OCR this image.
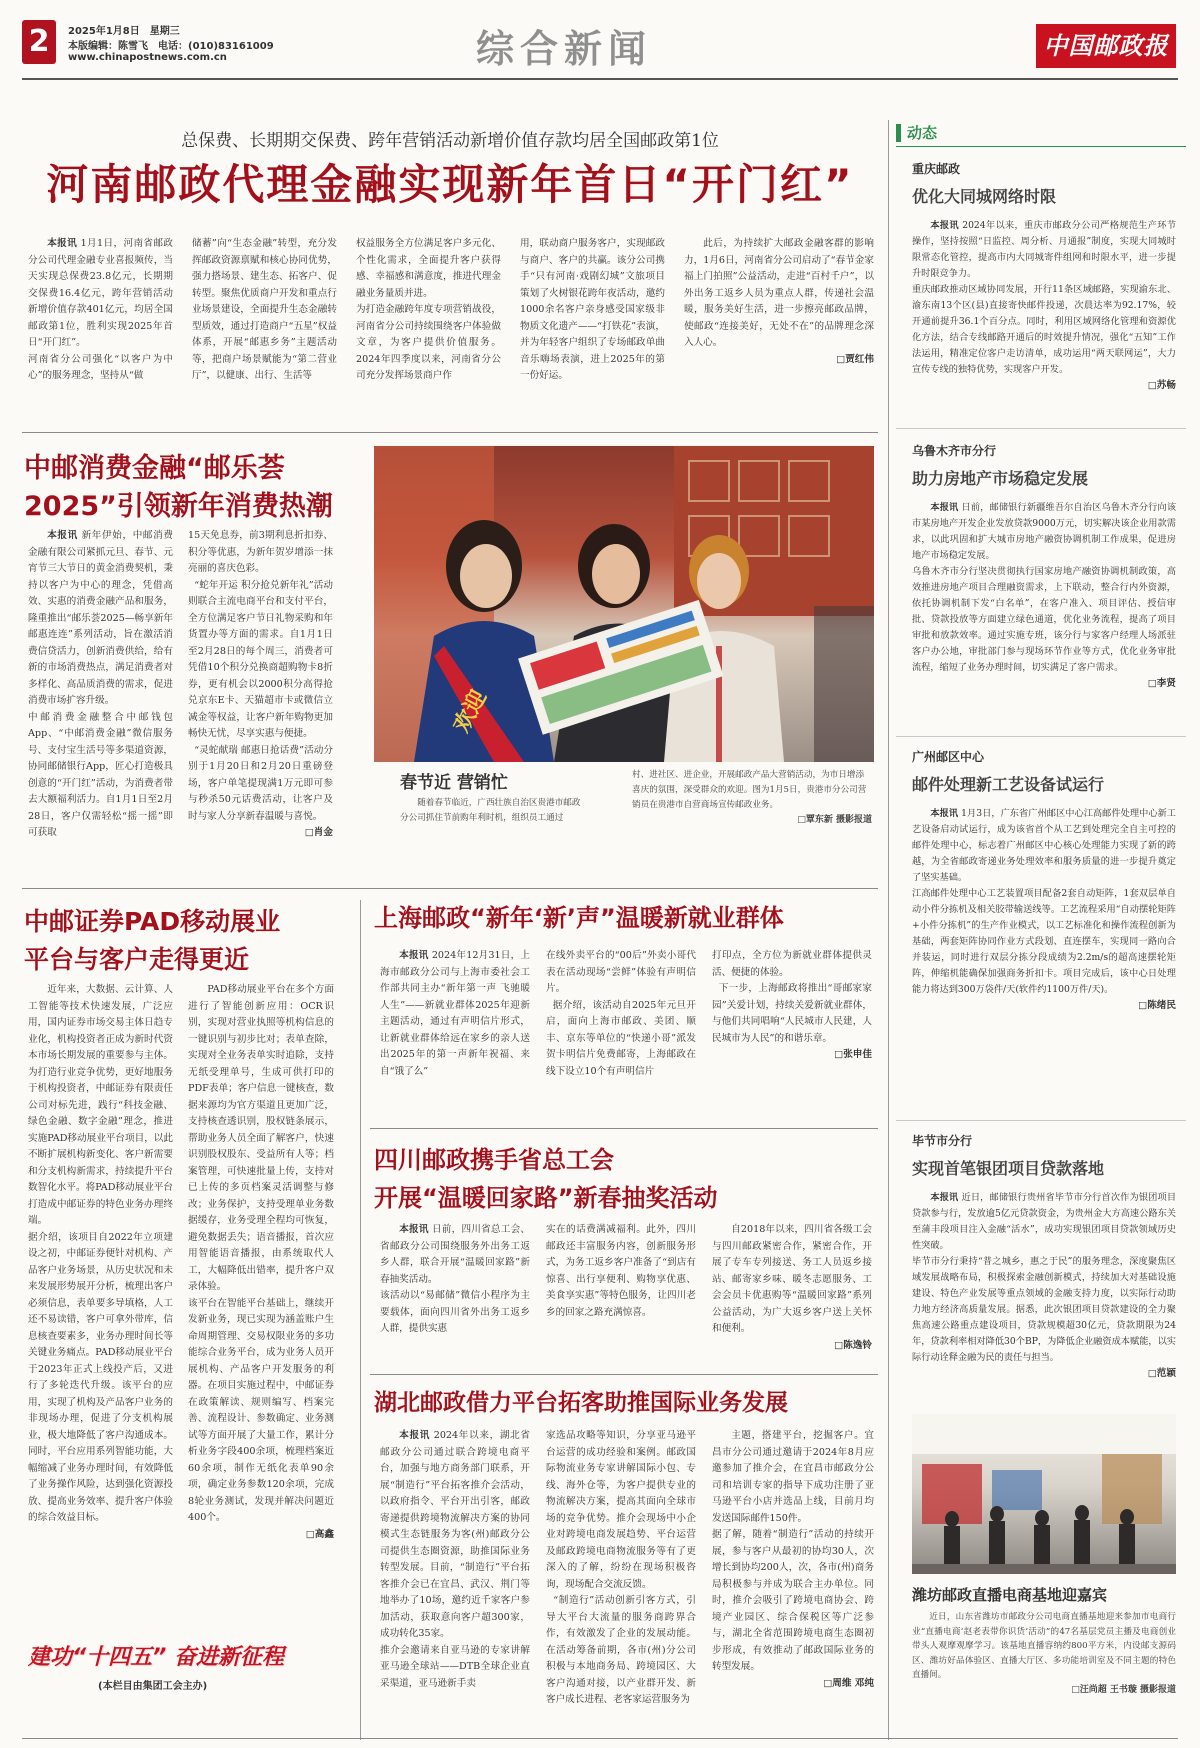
2	2025年1月8日　星期三
本版编辑：陈雪飞　电话：(010)83161009
www.chinapostnews.com.cn	综合新闻	中国邮政报
总保费、长期期交保费、跨年营销活动新增价值存款均居全国邮政第1位
河南邮政代理金融实现新年首日“开门红”
本报讯 1月1日，河南省邮政分公司代理金融专业喜报频传，当天实现总保费23.8亿元，长期期交保费16.4亿元，跨年营销活动新增价值存款401亿元，均居全国邮政第1位，胜利实现2025年首日“开门红”。
河南省分公司强化“以客户为中心”的服务理念，坚持从“做
储蓄”向“生态金融”转型，充分发挥邮政资源禀赋和核心协同优势，强力搭场景、建生态、拓客户、促转型。聚焦优质商户开发和重点行业场景建设，全面提升生态金融转型质效，通过打造商户“五星”权益体系，开展“邮惠乡务”主题活动等，把商户场景赋能为“第二营业厅”，以健康、出行、生活等
权益服务全方位满足客户多元化、个性化需求，全面提升客户获得感、幸福感和满意度，推进代理金融业务量质并进。
为打造金融跨年度专项营销战役，河南省分公司持续围绕客户体验做文章，为客户提供价值服务。2024年四季度以来，河南省分公司充分发挥场景商户作
用，联动商户服务客户，实现邮政与商户、客户的共赢。该分公司携手“只有河南·戏剧幻城”文旅项目策划了火树银花跨年夜活动，邀约1000余名客户亲身感受国家级非物质文化遗产——“打铁花”表演，并为年轻客户组织了专场邮政单曲音乐嗨场表演，进上2025年的第一份好运。
此后，为持续扩大邮政金融客群的影响力，1月6日，河南省分公司启动了“春节金家福上门拍照”公益活动，走进“百村千户”，以外出务工返乡人员为重点人群，传递社会温暖，服务美好生活，进一步擦亮邮政品牌，使邮政“连接美好，无处不在”的品牌理念深入人心。
□贾红伟
中邮消费金融“邮乐荟
2025”引领新年消费热潮
本报讯 新年伊始，中邮消费金融有限公司紧抓元旦、春节、元宵节三大节日的黄金消费契机，秉持以客户为中心的理念，凭借高效、实惠的消费金融产品和服务，隆重推出“邮乐荟2025—畅享新年 邮惠连连”系列活动，旨在激活消费信贷活力，创新消费供给，给有新的市场消费热点，满足消费者对多样化、高品质消费的需求，促进消费市场扩容升级。
中邮消费金融整合中邮钱包App、“中邮消费金融”微信服务号、支付宝生活号等多渠道资源，协同邮储银行App，匠心打造极具创意的“开门红”活动，为消费者带去大额福利活力。自1月1日至2月28日，客户仅需轻松“摇一摇”即可获取
15天免息券，前3期利息折扣券、积分等优惠，为新年贺岁增添一抹亮丽的喜庆色彩。
“蛇年开运 积分抢兑新年礼”活动则联合主流电商平台和支付平台，全方位满足客户节日礼物采购和年货置办等方面的需求。自1月1日至2月28日的每个周三，消费者可凭借10个积分兑换商超购物卡8折券，更有机会以2000积分高得抢兑京东E卡、天猫超市卡或微信立减金等权益，让客户新年购物更加畅快无忧，尽享实惠与便捷。
“灵蛇献瑞 邮惠日抢话费”活动分别于1月20日和2月20日重磅登场，客户单笔提现满1万元即可参与秒杀50元话费活动，让客户及时与家人分享新春温暖与喜悦。
□肖金
欢迎
春节近 营销忙
随着春节临近，广西壮族自治区贵港市邮政分公司抓住节前购年利时机，组织员工通过
村、进社区、进企业，开展邮政产品大营销活动，为市日增添喜庆的氛围，深受群众的欢迎。图为1月5日，贵港市分公司营销员在贵港市自营商场宣传邮政业务。
□覃东新 摄影报道
中邮证券PAD移动展业
平台与客户走得更近
近年来，大数据、云计算、人工智能等技术快速发展，广泛应用，国内证券市场交易主体日趋专业化，机构投资者正成为新时代资本市场长期发展的重要参与主体。为打造行业竞争优势，更好地服务于机构投资者，中邮证券有限责任公司对标先进，践行“科技金融、绿色金融、数字金融”理念，推进实施PAD移动展业平台项目，以此不断扩展机构新变化、客户新需要和分支机构新需求，持续提升平台数智化水平。将PAD移动展业平台打造成中邮证券的特色业务办理终端。
据介绍，该项目自2022年立项建设之初，中邮证券便针对机构、产品客户业务场景，从历史状况和未来发展形势展开分析，梳理出客户必须信息，表单要多导填格，人工还不易读错，客户可拿外带库，信息核查要素多，业务办理时间长等关键业务痛点。PAD移动展业平台于2023年正式上线投产后，又进行了多轮迭代升级。该平台的应用，实现了机构及产品客户业务的非现场办理，促进了分支机构展业，极大地降低了客户沟通成本。同时，平台应用系列智能功能，大幅缩减了业务办理时间，有效降低了业务操作风险，达到强化资源投放、提高业务效率、提升客户体验的综合效益目标。
PAD移动展业平台在多个方面进行了智能创新应用：OCR识别，实现对营业执照等机构信息的一键识别与初步比对；表单查除，实现对全业务表单实时追除，支持无纸受理单号，生成可供打印的PDF表单；客户信息一键核查，数据来源均为官方渠道且更加广泛，支持核查透识别，股权链条展示，帮助业务人员全面了解客户，快速识别股权股东、受益所有人等；档案管理，可快速批量上传，支持对已上传的多页档案灵活调整与修改；业务保护，支持受理单业务数据缓存，业务受理全程均可恢复，避免数据丢失；语音播报，首次应用智能语音播报，由系统取代人工，大幅降低出错率，提升客户双录体验。
该平台在智能平台基础上，继续开发新业务，现已实现为涵盖账户生命周期管理、交易权限业务的多功能综合业务平台，成为业务人员开展机构、产品客户开发服务的利器。在项目实施过程中，中邮证券在政策解读、规则编写、档案完善、流程设计、参数确定、业务测试等方面开展了大量工作，累计分析业务字段400余项，梳理档案近60余项，制作无纸化表单90余项，确定业务参数120余项，完成8轮业务测试，发现并解决问题近400个。
□高鑫
上海邮政“新年‘新’声”温暖新就业群体
本报讯 2024年12月31日，上海市邮政分公司与上海市委社会工作部共同主办“新年第一声 飞驰暖人生”——新就业群体2025年迎新主题活动，通过有声明信片形式，让新就业群体给远在家乡的亲人送出2025年的第一声新年祝福、来自“饿了么”
在线外卖平台的“00后”外卖小哥代表在活动现场“尝鲜”体验有声明信片。
据介绍，该活动自2025年元旦开启，面向上海市邮政、美团、顺丰、京东等单位的“快递小哥”派发贺卡明信片免费邮寄，上海邮政在线下设立10个有声明信片
打印点，全方位为新就业群体提供灵活、便捷的体验。
下一步，上海邮政将推出“哥邮家家园”关爱计划，持续关爱新就业群体，与他们共同唱响“人民城市人民建，人民城市为人民”的和谐乐章。
□张申佳
四川邮政携手省总工会
开展“温暖回家路”新春抽奖活动
本报讯 日前，四川省总工会、省邮政分公司围绕服务外出务工返乡人群，联合开展“温暖回家路”新春抽奖活动。
该活动以“易邮储”微信小程序为主要载体，面向四川省外出务工返乡人群，提供实惠
实在的话费满减福利。此外，四川邮政还丰富服务内容，创新服务形式，为务工返乡客户准备了“到店有惊喜、出行享便利、购物享优惠、美食享实惠”等特色服务，让四川老乡的回家之路充满惊喜。
自2018年以来，四川省各级工会与四川邮政紧密合作，紧密合作，开展了专车专列接送、务工人员返乡接站、邮寄家乡味、暖冬志愿服务、工会会员卡优惠购等“温暖回家路”系列公益活动，为广大返乡客户送上关怀和便利。
□陈逸铃
湖北邮政借力平台拓客助推国际业务发展
本报讯 2024年以来，湖北省邮政分公司通过联合跨境电商平台，加强与地方商务部门联系，开展“制造行”平台拓客推介会活动，以政府指令、平台开出引客，邮政寄递提供跨境物流解决方案的协同模式生态链服务为客(州)邮政分公司提供生态圈资源，助推国际业务转型发展。目前，“制造行”平台拓客推介会已在宜昌、武汉、荆门等地举办了10场，邀约近千家客户参加活动，获取意向客户超300家，成功转化35家。
推介会邀请来自亚马逊的专家讲解亚马逊全球站——DTB全球企业直采渠道，亚马逊新手卖
家选品攻略等知识，分享亚马逊平台运营的成功经验和案例。邮政国际物流业务专家讲解国际小包、专线、海外仓等，为客户提供专业的物流解决方案，提高其面向全球市场的竞争优势。推介会现场中小企业对跨境电商发展趋势、平台运营及邮政跨境电商物流服务等有了更深入的了解，纷纷在现场积极咨询，现场配合交流反馈。
“制造行”活动创新引客方式，引导大平台大流量的服务商跨界合作，有效激发了企业的发展动能。在活动筹备前期，各市(州)分公司积极与本地商务局、跨境园区、大客户沟通对接，以产业群开发、新客户成长进程、老客家运营服务为
主题，搭建平台，挖掘客户。宜昌市分公司通过邀请于2024年8月应邀参加了推介会，在宜昌市邮政分公司和培训专家的指导下成功注册了亚马逊平台小店并选品上线，目前月均发送国际邮件150件。
据了解，随着“制造行”活动的持续开展，参与客户从最初的协均30人，次增长到协均200人，次，各市(州)商务局积极参与并成为联合主办单位。同时，推介会吸引了跨境电商协会、跨境产业园区、综合保税区等广泛参与，湖北全省范围跨境电商生态圈初步形成，有效推动了邮政国际业务的转型发展。
□周维 邓纯
建功“十四五” 奋进新征程
(本栏目由集团工会主办)
动态
重庆邮政
优化大同城网络时限
本报讯 2024年以来，重庆市邮政分公司严格规范生产环节操作，坚持按照“日监控、周分析、月通报”制度，实现大同城时限常态化管控，提高市内大同城寄件组网和时限水平，进一步提升时限竞争力。
重庆邮政推动区域协同发展，开行11条区域邮路，实现渝东北、渝东南13个区(县)直接寄快邮件投递，次晨达率为92.17%，较开通前提升36.1个百分点。同时，利用区域网络化管理和资源优化方法，结合专线邮路开通后的时效提升情况，强化“五知”工作法运用，精准定位客户走访清单，成功运用“两天联网运”，大力宣传专线的独特优势，实现客户开发。
□苏畅
乌鲁木齐市分行
助力房地产市场稳定发展
本报讯 日前，邮储银行新疆维吾尔自治区乌鲁木齐分行向该市某房地产开发企业发放贷款9000万元，切实解决该企业用款需求，以此巩固和扩大城市房地产融资协调机制工作成果，促进房地产市场稳定发展。
乌鲁木齐市分行坚决贯彻执行国家房地产融资协调机制政策，高效推进房地产项目合理融资需求，上下联动，整合行内外资源，依托协调机制下发“白名单”，在客户准入、项目评估、授信审批、贷款投放等方面建立绿色通道，优化业务流程，提高了项目审批和放款效率。通过实施专班，该分行与家客户经理人场派驻客户办公地，审批部门参与现场环节作业等方式，优化业务审批流程，缩短了业务办理时间，切实满足了客户需求。
□李贤
广州邮区中心
邮件处理新工艺设备试运行
本报讯 1月3日，广东省广州邮区中心江高邮件处理中心新工艺设备启动试运行，成为该省首个从工艺到处理完全自主可控的邮件处理中心，标志着广州邮区中心核心处理能力实现了新的跨越，为全省邮政寄递业务处理效率和服务质量的进一步提升奠定了坚实基础。
江高邮件处理中心工艺装置项目配备2套自动矩阵，1套双层单自动小件分拣机及相关胶带输送线等。工艺流程采用“自动摆轮矩阵+小件分拣机”的生产作业模式，以工艺标准化和操作流程创新为基础，两套矩阵协同作业方式段划、直连摆车，实现同一路向合并装运，同时进行双层分拣分段成绩为2.2m/s的超高速摆轮矩阵，伸缩机能确保加强商务折扣卡。项目完成后，该中心日处理能力将达到300万袋件/天(软件约1100万件/天)。
□陈绪民
毕节市分行
实现首笔银团项目贷款落地
本报讯 近日，邮储银行贵州省毕节市分行首次作为银团项目贷款参与行，发放逾5亿元贷款资金，为贵州金大方高速公路东关至蒲丰段项目注入金融“活水”，成功实现银团项目贷款领域历史性突破。
毕节市分行秉持“普之城乡，惠之于民”的服务理念，深度聚焦区域发展战略布局，积极探索金融创新模式，持续加大对基础设施建设、特色产业发展等重点领域的金融支持力度，以实际行动助力地方经济高质量发展。据悉，此次银团项目贷款建设的全力聚焦高速公路重点建设项目，贷款规模超30亿元，贷款期限为24年，贷款利率相对降低30个BP，为降低企业融资成本赋能，以实际行动诠释金融为民的责任与担当。
□范颖
潍坊邮政直播电商基地迎嘉宾
近日，山东省潍坊市邮政分公司电商直播基地迎来参加市电商行业“直播电商‘赵老表带你识货’活动”的47名基层党员主播及电商创业带头人观摩观摩学习。该基地直播容纳约800平方米，内设邮支源码区、潍坊好品体验区、直播大厅区、多功能培训室及不同主题的特色直播间。
□汪尚超 王书璇 摄影报道
